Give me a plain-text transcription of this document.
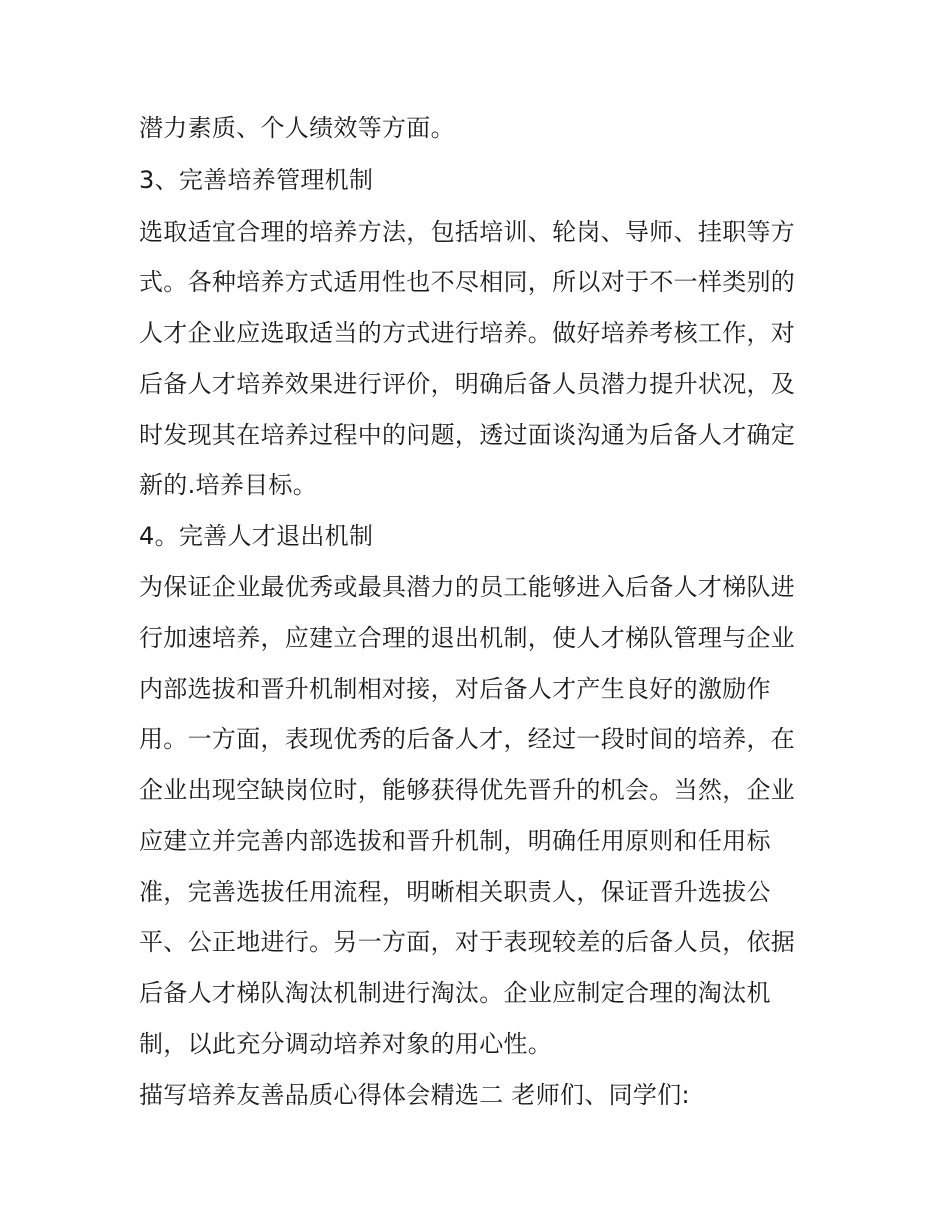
潜力素质、个人绩效等方面。
3、完善培养管理机制
选取适宜合理的培养方法，包括培训、轮岗、导师、挂职等方
式。各种培养方式适用性也不尽相同，所以对于不一样类别的
人才企业应选取适当的方式进行培养。做好培养考核工作，对
后备人才培养效果进行评价，明确后备人员潜力提升状况，及
时发现其在培养过程中的问题，透过面谈沟通为后备人才确定
新的.培养目标。
4。完善人才退出机制
为保证企业最优秀或最具潜力的员工能够进入后备人才梯队进
行加速培养，应建立合理的退出机制，使人才梯队管理与企业
内部选拔和晋升机制相对接，对后备人才产生良好的激励作
用。一方面，表现优秀的后备人才，经过一段时间的培养，在
企业出现空缺岗位时，能够获得优先晋升的机会。当然，企业
应建立并完善内部选拔和晋升机制，明确任用原则和任用标
准，完善选拔任用流程，明晰相关职责人，保证晋升选拔公
平、公正地进行。另一方面，对于表现较差的后备人员，依据
后备人才梯队淘汰机制进行淘汰。企业应制定合理的淘汰机
制，以此充分调动培养对象的用心性。
描写培养友善品质心得体会精选二 老师们、同学们:
